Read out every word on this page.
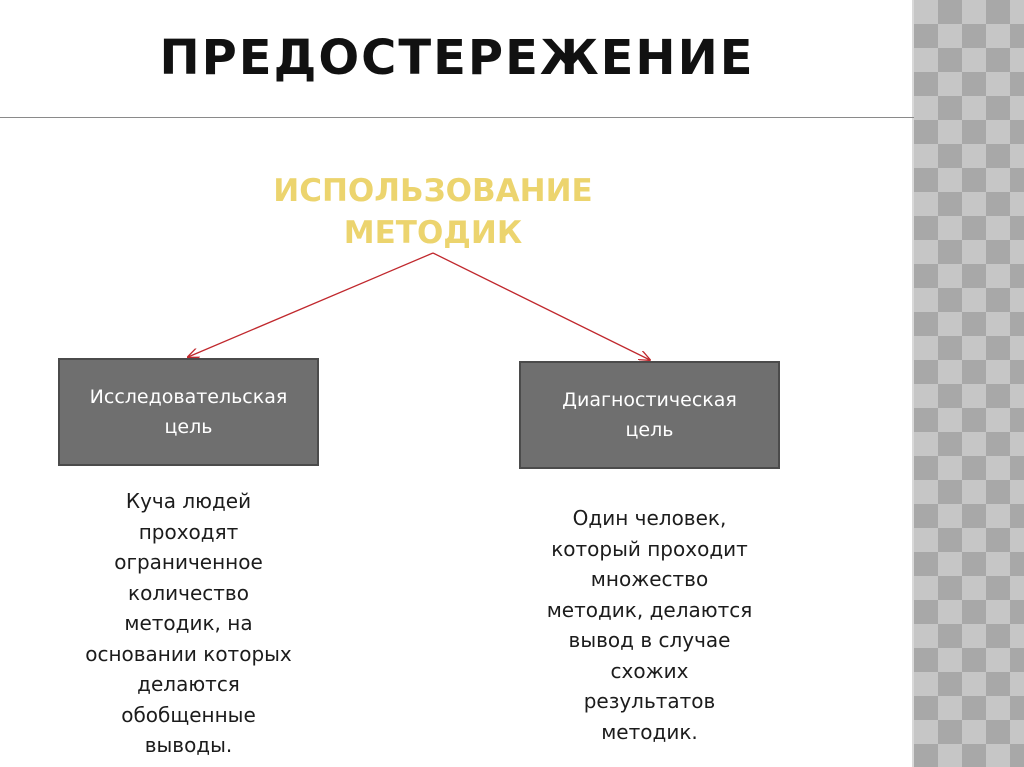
ПРЕДОСТЕРЕЖЕНИЕ
ИСПОЛЬЗОВАНИЕ
МЕТОДИК
Исследовательская
цель
Диагностическая
цель
Куча людей
проходят
ограниченное
количество
методик, на
основании которых
делаются
обобщенные
выводы.
Один человек,
который проходит
множество
методик, делаются
вывод в случае
схожих
результатов
методик.
